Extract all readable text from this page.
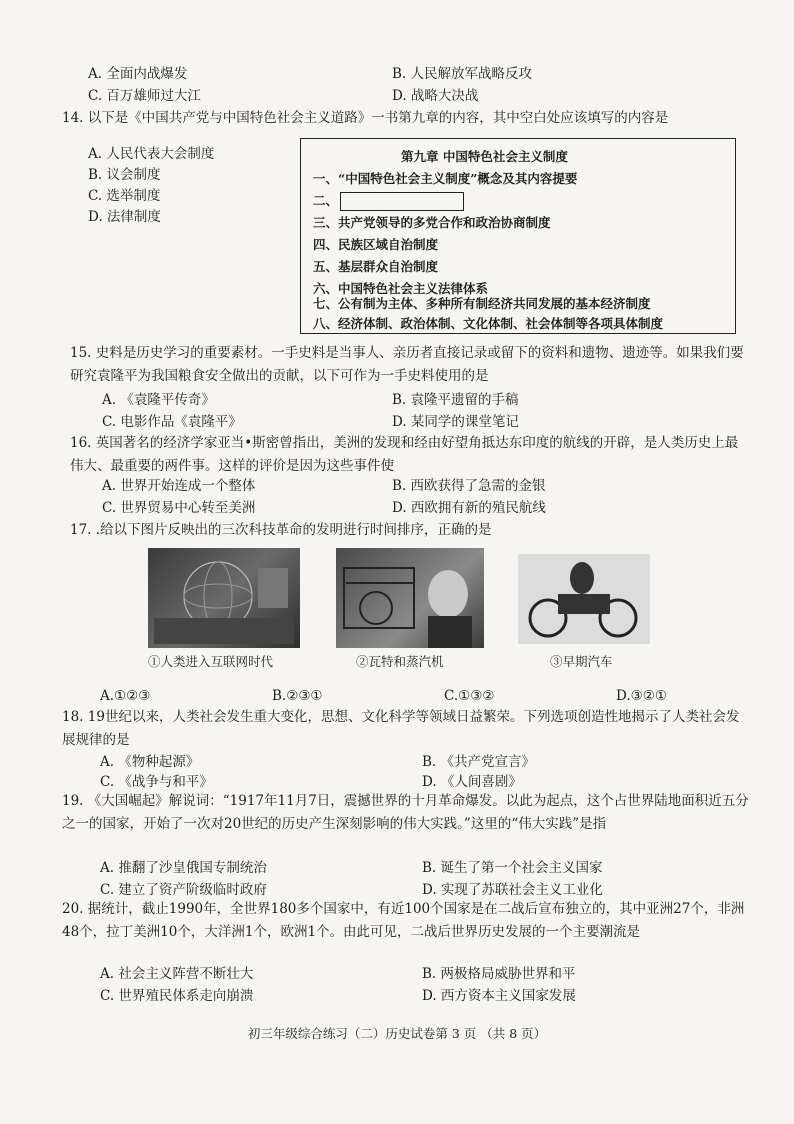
A. 全面内战爆发	B. 人民解放军战略反攻
C. 百万雄师过大江	D. 战略大决战
14. 以下是《中国共产党与中国特色社会主义道路》一书第九章的内容，其中空白处应该填写的内容是
A. 人民代表大会制度
B. 议会制度
C. 选举制度
D. 法律制度
第九章 中国特色社会主义制度
一、“中国特色社会主义制度”概念及其内容提要
二、
三、共产党领导的多党合作和政治协商制度
四、民族区域自治制度
五、基层群众自治制度
六、中国特色社会主义法律体系
七、公有制为主体、多种所有制经济共同发展的基本经济制度
八、经济体制、政治体制、文化体制、社会体制等各项具体制度
15. 史料是历史学习的重要素材。一手史料是当事人、亲历者直接记录或留下的资料和遗物、遗迹等。如果我们要研究袁隆平为我国粮食安全做出的贡献，以下可作为一手史料使用的是
A. 《袁隆平传奇》	B. 袁隆平遗留的手稿
C. 电影作品《袁隆平》	D. 某同学的课堂笔记
16. 英国著名的经济学家亚当•斯密曾指出，美洲的发现和经由好望角抵达东印度的航线的开辟，是人类历史上最伟大、最重要的两件事。这样的评价是因为这些事件使
A. 世界开始连成一个整体	B. 西欧获得了急需的金银
C. 世界贸易中心转至美洲	D. 西欧拥有新的殖民航线
17. .给以下图片反映出的三次科技革命的发明进行时间排序，正确的是
①人类进入互联网时代	②瓦特和蒸汽机	③早期汽车
A.①②③	B.②③①	C.①③②	D.③②①
18. 19世纪以来，人类社会发生重大变化，思想、文化科学等领域日益繁荣。下列选项创造性地揭示了人类社会发展规律的是
A. 《物种起源》	B. 《共产党宣言》
C. 《战争与和平》	D. 《人间喜剧》
19. 《大国崛起》解说词：“1917年11月7日，震撼世界的十月革命爆发。以此为起点，这个占世界陆地面积近五分之一的国家，开始了一次对20世纪的历史产生深刻影响的伟大实践。”这里的“伟大实践”是指
A. 推翻了沙皇俄国专制统治	B. 诞生了第一个社会主义国家
C. 建立了资产阶级临时政府	D. 实现了苏联社会主义工业化
20. 据统计，截止1990年，全世界180多个国家中，有近100个国家是在二战后宣布独立的，其中亚洲27个，非洲48个，拉丁美洲10个，大洋洲1个，欧洲1个。由此可见，二战后世界历史发展的一个主要潮流是
A. 社会主义阵营不断壮大	B. 两极格局威胁世界和平
C. 世界殖民体系走向崩溃	D. 西方资本主义国家发展
初三年级综合练习（二）历史试卷第 3 页 （共 8 页）
